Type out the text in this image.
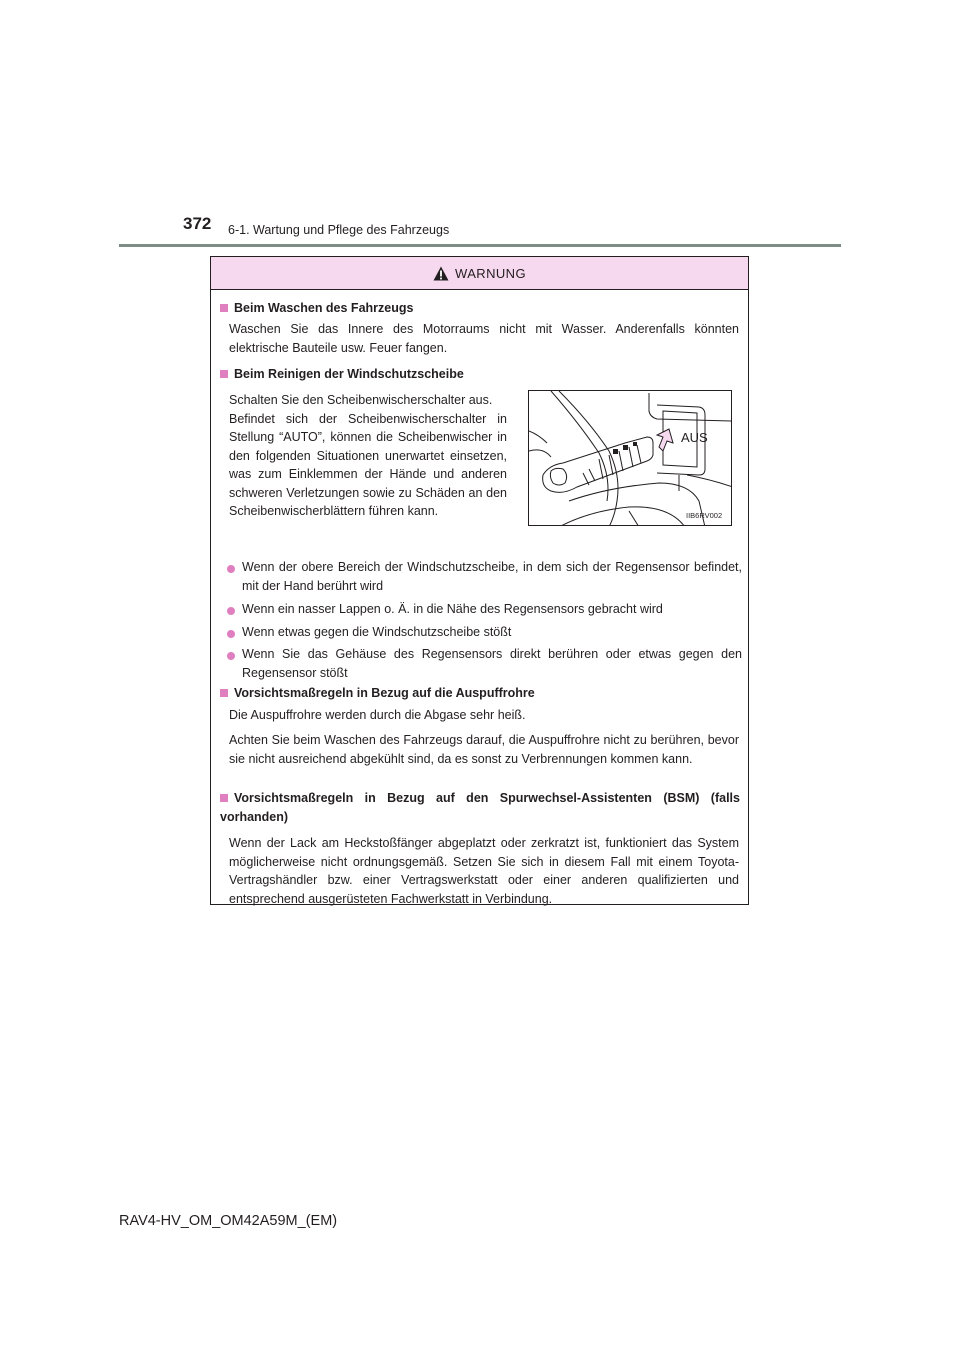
372 6-1. Wartung und Pflege des Fahrzeugs
WARNUNG
Beim Waschen des Fahrzeugs
Waschen Sie das Innere des Motorraums nicht mit Wasser. Anderenfalls könnten elektrische Bauteile usw. Feuer fangen.
Beim Reinigen der Windschutzscheibe
Schalten Sie den Scheibenwischerschalter aus.
Befindet sich der Scheibenwischerschalter in Stellung “AUTO”, können die Scheibenwischer in den folgenden Situationen unerwartet einsetzen, was zum Einklemmen der Hände und anderen schweren Verletzungen sowie zu Schäden an den Scheibenwischerblättern führen kann.
AUS
IIB6RV002
Wenn der obere Bereich der Windschutzscheibe, in dem sich der Regensensor befindet, mit der Hand berührt wird
Wenn ein nasser Lappen o. Ä. in die Nähe des Regensensors gebracht wird
Wenn etwas gegen die Windschutzscheibe stößt
Wenn Sie das Gehäuse des Regensensors direkt berühren oder etwas gegen den Regensensor stößt
Vorsichtsmaßregeln in Bezug auf die Auspuffrohre
Die Auspuffrohre werden durch die Abgase sehr heiß.
Achten Sie beim Waschen des Fahrzeugs darauf, die Auspuffrohre nicht zu berühren, bevor sie nicht ausreichend abgekühlt sind, da es sonst zu Verbrennungen kommen kann.
Vorsichtsmaßregeln in Bezug auf den Spurwechsel-Assistenten (BSM) (falls vorhanden)
Wenn der Lack am Heckstoßfänger abgeplatzt oder zerkratzt ist, funktioniert das System möglicherweise nicht ordnungsgemäß. Setzen Sie sich in diesem Fall mit einem Toyota-Vertragshändler bzw. einer Vertragswerkstatt oder einer anderen qualifizierten und entsprechend ausgerüsteten Fachwerkstatt in Verbindung.
RAV4-HV_OM_OM42A59M_(EM)
